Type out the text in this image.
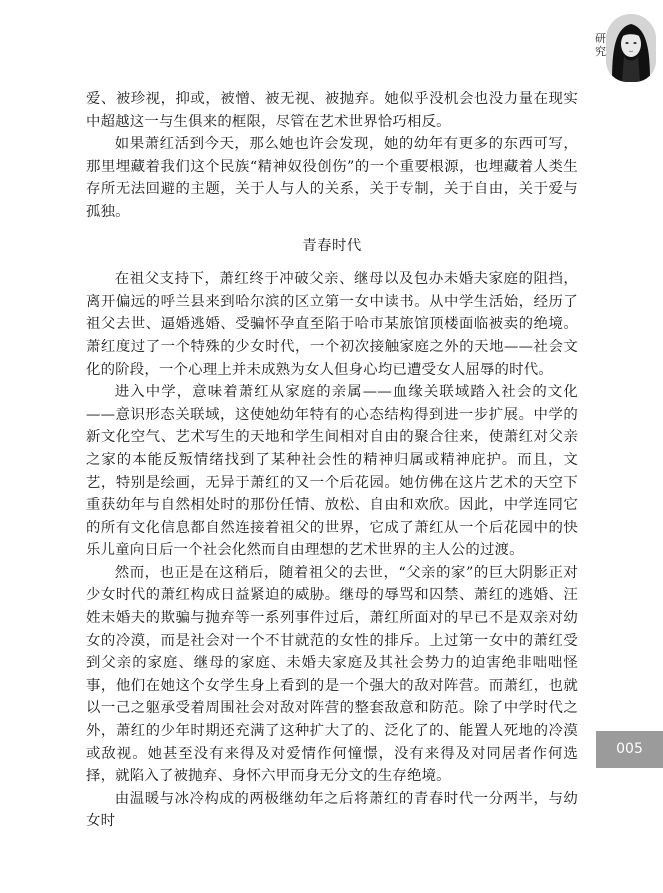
研
究

爱、被珍视，抑或，被憎、被无视、被抛弃。她似乎没机会也没力量在现实中超越这一与生俱来的框限，尽管在艺术世界恰巧相反。

如果萧红活到今天，那么她也许会发现，她的幼年有更多的东西可写，那里埋藏着我们这个民族“精神奴役创伤”的一个重要根源，也埋藏着人类生存所无法回避的主题，关于人与人的关系，关于专制，关于自由，关于爱与孤独。

青春时代

在祖父支持下，萧红终于冲破父亲、继母以及包办未婚夫家庭的阻挡，离开偏远的呼兰县来到哈尔滨的区立第一女中读书。从中学生活始，经历了祖父去世、逼婚逃婚、受骗怀孕直至陷于哈市某旅馆顶楼面临被卖的绝境。萧红度过了一个特殊的少女时代，一个初次接触家庭之外的天地——社会文化的阶段，一个心理上并未成熟为女人但身心均已遭受女人屈辱的时代。

进入中学，意味着萧红从家庭的亲属——血缘关联域踏入社会的文化——意识形态关联域，这使她幼年特有的心态结构得到进一步扩展。中学的新文化空气、艺术写生的天地和学生间相对自由的聚合往来，使萧红对父亲之家的本能反叛情绪找到了某种社会性的精神归属或精神庇护。而且，文艺，特别是绘画，无异于萧红的又一个后花园。她仿佛在这片艺术的天空下重获幼年与自然相处时的那份任情、放松、自由和欢欣。因此，中学连同它的所有文化信息都自然连接着祖父的世界，它成了萧红从一个后花园中的快乐儿童向日后一个社会化然而自由理想的艺术世界的主人公的过渡。

然而，也正是在这稍后，随着祖父的去世，“父亲的家”的巨大阴影正对少女时代的萧红构成日益紧迫的威胁。继母的辱骂和囚禁、萧红的逃婚、汪姓未婚夫的欺骗与抛弃等一系列事件过后，萧红所面对的早已不是双亲对幼女的冷漠，而是社会对一个不甘就范的女性的排斥。上过第一女中的萧红受到父亲的家庭、继母的家庭、未婚夫家庭及其社会势力的迫害绝非咄咄怪事，他们在她这个女学生身上看到的是一个强大的敌对阵营。而萧红，也就以一己之躯承受着周围社会对敌对阵营的整套敌意和防范。除了中学时代之外，萧红的少年时期还充满了这种扩大了的、泛化了的、能置人死地的冷漠或敌视。她甚至没有来得及对爱情作何憧憬，没有来得及对同居者作何选择，就陷入了被抛弃、身怀六甲而身无分文的生存绝境。

由温暖与冰冷构成的两极继幼年之后将萧红的青春时代一分两半，与幼女时

005
